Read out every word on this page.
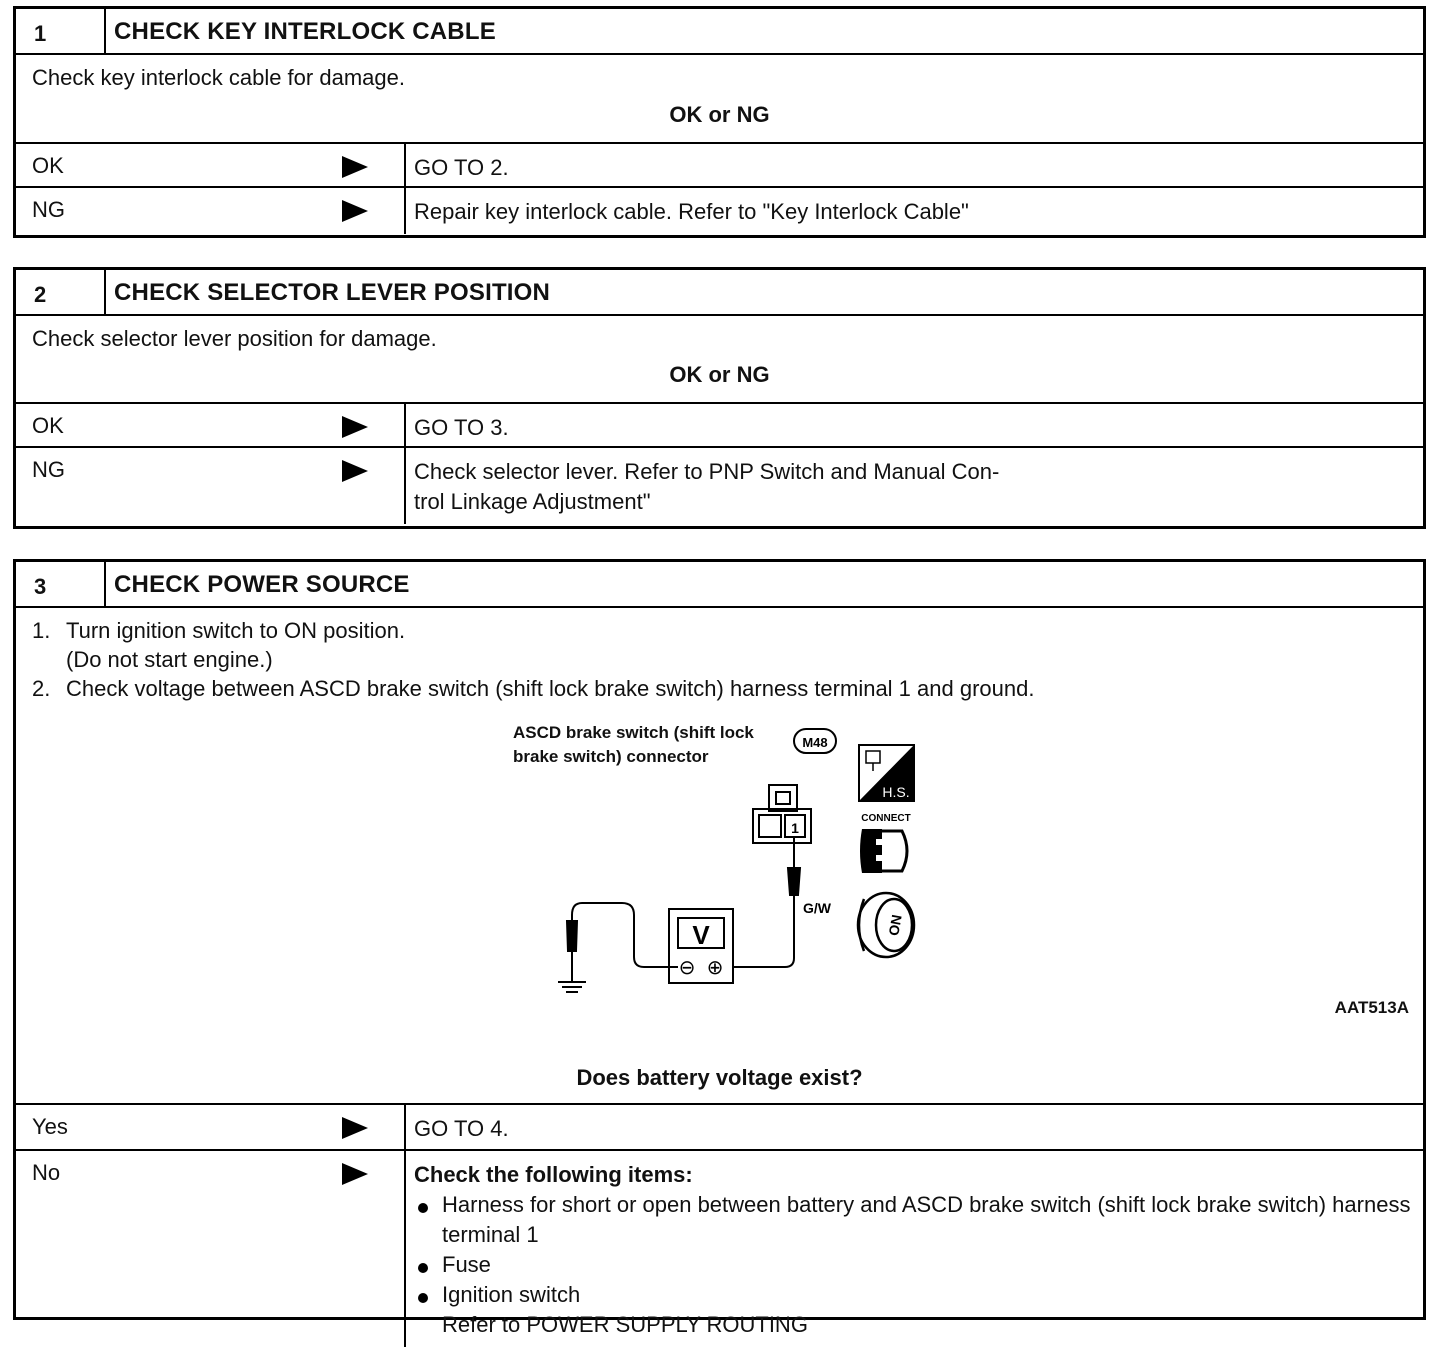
1	CHECK KEY INTERLOCK CABLE
Check key interlock cable for damage.
OK or NG
OK	GO TO 2.
NG	Repair key interlock cable. Refer to "Key Interlock Cable"
2	CHECK SELECTOR LEVER POSITION
Check selector lever position for damage.
OK or NG
OK	GO TO 3.
NG	Check selector lever. Refer to PNP Switch and Manual Con-
trol Linkage Adjustment"
3	CHECK POWER SOURCE
1. Turn ignition switch to ON position.
(Do not start engine.)
2. Check voltage between ASCD brake switch (shift lock brake switch) harness terminal 1 and ground.
ASCD brake switch (shift lock
brake switch) connector
M48
1
G/W
V
⊖ ⊕
H.S.
CONNECT
ON
AAT513A
Does battery voltage exist?
Yes	GO TO 4.
No	Check the following items:
Harness for short or open between battery and ASCD brake switch (shift lock brake switch) harness terminal 1
Fuse
Ignition switch
Refer to POWER SUPPLY ROUTING
